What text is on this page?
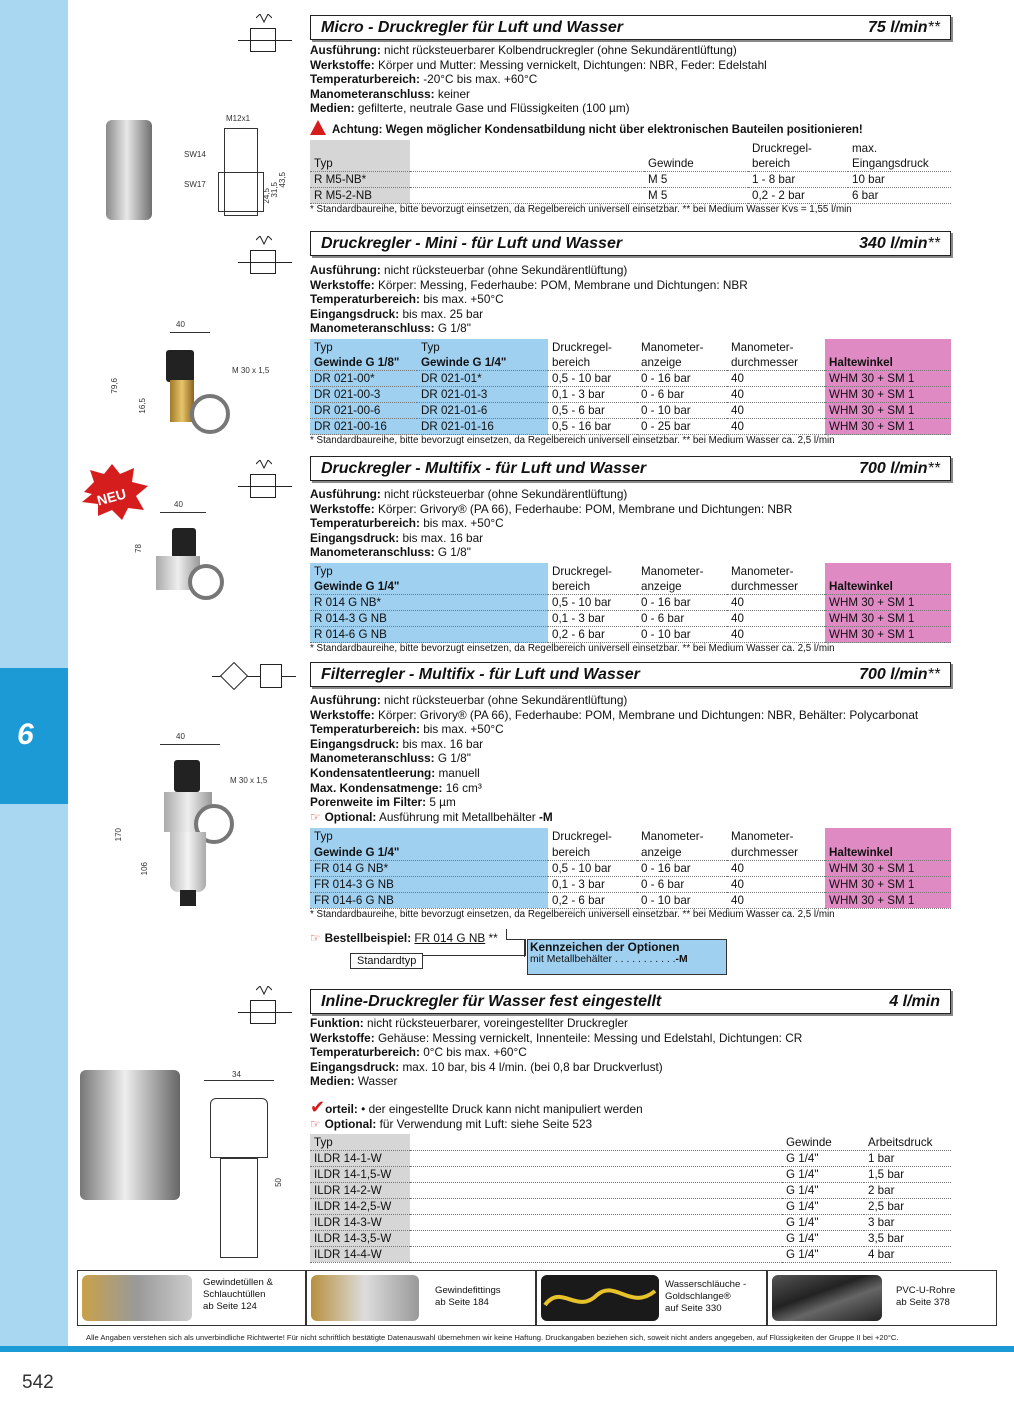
6
NEU
M12x1
SW14
SW17
24,5 31,5
43,5
Micro - Druckregler für Luft und Wasser	75 l/min**
Ausführung: nicht rücksteuerbarer Kolbendruckregler (ohne Sekundärentlüftung)
Werkstoffe: Körper und Mutter: Messing vernickelt, Dichtungen: NBR, Feder: Edelstahl
Temperaturbereich: -20°C bis max. +60°C
Manometeranschluss: keiner
Medien: gefilterte, neutrale Gase und Flüssigkeiten (100 µm)
Achtung: Wegen möglicher Kondensatbildung nicht über elektronischen Bauteilen positionieren!
			Druckregel-	max.
Typ		Gewinde	bereich	Eingangsdruck
R M5-NB*		M 5	1 - 8 bar	10 bar
R M5-2-NB		M 5	0,2 - 2 bar	6 bar
* Standardbaureihe, bitte bevorzugt einsetzen, da Regelbereich universell einsetzbar. ** bei Medium Wasser Kvs = 1,55 l/min
40
79,6
16,5
M 30 x 1,5
Druckregler - Mini - für Luft und Wasser	340 l/min**
Ausführung: nicht rücksteuerbar (ohne Sekundärentlüftung)
Werkstoffe: Körper: Messing, Federhaube: POM, Membrane und Dichtungen: NBR
Temperaturbereich: bis max. +50°C
Eingangsdruck: bis max. 25 bar
Manometeranschluss: G 1/8"
Typ	Typ	Druckregel-	Manometer-	Manometer-	
Gewinde G 1/8"	Gewinde G 1/4"	bereich	anzeige	durchmesser	Haltewinkel
DR 021-00*	DR 021-01*	0,5 - 10 bar	0 - 16 bar	40	WHM 30 + SM 1
DR 021-00-3	DR 021-01-3	0,1 - 3 bar	0 - 6 bar	40	WHM 30 + SM 1
DR 021-00-6	DR 021-01-6	0,5 - 6 bar	0 - 10 bar	40	WHM 30 + SM 1
DR 021-00-16	DR 021-01-16	0,5 - 16 bar	0 - 25 bar	40	WHM 30 + SM 1
* Standardbaureihe, bitte bevorzugt einsetzen, da Regelbereich universell einsetzbar. ** bei Medium Wasser ca. 2,5 l/min
40
78
Druckregler - Multifix - für Luft und Wasser	700 l/min**
Ausführung: nicht rücksteuerbar (ohne Sekundärentlüftung)
Werkstoffe: Körper: Grivory® (PA 66), Federhaube: POM, Membrane und Dichtungen: NBR
Temperaturbereich: bis max. +50°C
Eingangsdruck: bis max. 16 bar
Manometeranschluss: G 1/8"
Typ	Druckregel-	Manometer-	Manometer-	
Gewinde G 1/4"	bereich	anzeige	durchmesser	Haltewinkel
R 014 G NB*	0,5 - 10 bar	0 - 16 bar	40	WHM 30 + SM 1
R 014-3 G NB	0,1 - 3 bar	0 - 6 bar	40	WHM 30 + SM 1
R 014-6 G NB	0,2 - 6 bar	0 - 10 bar	40	WHM 30 + SM 1
* Standardbaureihe, bitte bevorzugt einsetzen, da Regelbereich universell einsetzbar. ** bei Medium Wasser ca. 2,5 l/min
40
M 30 x 1,5
170
106
Filterregler - Multifix - für Luft und Wasser	700 l/min**
Ausführung: nicht rücksteuerbar (ohne Sekundärentlüftung)
Werkstoffe: Körper: Grivory® (PA 66), Federhaube: POM, Membrane und Dichtungen: NBR, Behälter: Polycarbonat
Temperaturbereich: bis max. +50°C
Eingangsdruck: bis max. 16 bar
Manometeranschluss: G 1/8"
Kondensatentleerung: manuell
Max. Kondensatmenge: 16 cm³
Porenweite im Filter: 5 µm
☞ Optional: Ausführung mit Metallbehälter -M
Typ	Druckregel-	Manometer-	Manometer-	
Gewinde G 1/4"	bereich	anzeige	durchmesser	Haltewinkel
FR 014 G NB*	0,5 - 10 bar	0 - 16 bar	40	WHM 30 + SM 1
FR 014-3 G NB	0,1 - 3 bar	0 - 6 bar	40	WHM 30 + SM 1
FR 014-6 G NB	0,2 - 6 bar	0 - 10 bar	40	WHM 30 + SM 1
* Standardbaureihe, bitte bevorzugt einsetzen, da Regelbereich universell einsetzbar. ** bei Medium Wasser ca. 2,5 l/min
☞ Bestellbeispiel: FR 014 G NB **
Standardtyp
Kennzeichen der Optionen
mit Metallbehälter . . . . . . . . . . .-M
34
50
Inline-Druckregler für Wasser fest eingestellt	4 l/min
Funktion: nicht rücksteuerbarer, voreingestellter Druckregler
Werkstoffe: Gehäuse: Messing vernickelt, Innenteile: Messing und Edelstahl, Dichtungen: CR
Temperaturbereich: 0°C bis max. +60°C
Eingangsdruck: max. 10 bar, bis 4 l/min. (bei 0,8 bar Druckverlust)
Medien: Wasser
✔orteil: • der eingestellte Druck kann nicht manipuliert werden
☞ Optional: für Verwendung mit Luft: siehe Seite 523
Typ		Gewinde	Arbeitsdruck
ILDR 14-1-W		G 1/4"	1 bar
ILDR 14-1,5-W		G 1/4"	1,5 bar
ILDR 14-2-W		G 1/4"	2 bar
ILDR 14-2,5-W		G 1/4"	2,5 bar
ILDR 14-3-W		G 1/4"	3 bar
ILDR 14-3,5-W		G 1/4"	3,5 bar
ILDR 14-4-W		G 1/4"	4 bar
Gewindetüllen &
Schlauchtüllen
ab Seite 124
Gewindefittings
ab Seite 184
Wasserschläuche -
Goldschlange®
auf Seite 330
PVC-U-Rohre
ab Seite 378
Alle Angaben verstehen sich als unverbindliche Richtwerte! Für nicht schriftlich bestätigte Datenauswahl übernehmen wir keine Haftung. Druckangaben beziehen sich, soweit nicht anders angegeben, auf Flüssigkeiten der Gruppe II bei +20°C.
542
